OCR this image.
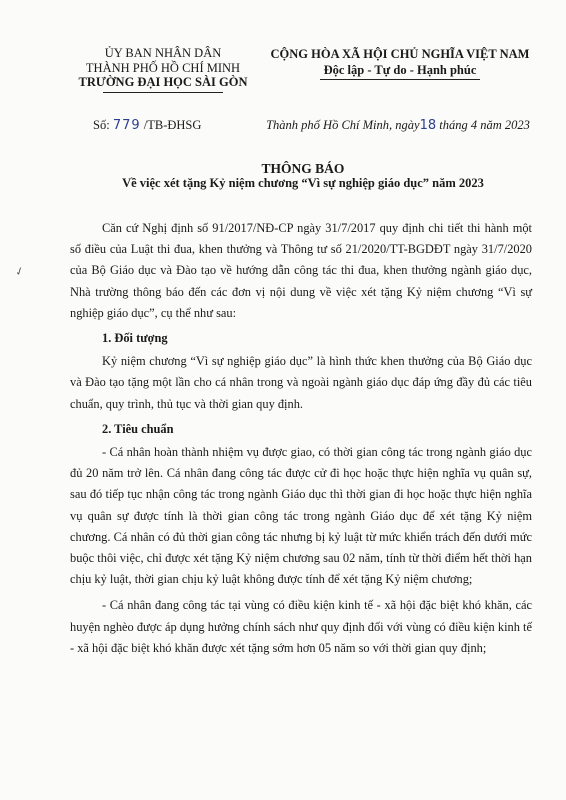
ỦY BAN NHÂN DÂN
THÀNH PHỐ HỒ CHÍ MINH
TRƯỜNG ĐẠI HỌC SÀI GÒN
CỘNG HÒA XÃ HỘI CHỦ NGHĨA VIỆT NAM
Độc lập - Tự do - Hạnh phúc
Số: 779 /TB-ĐHSG	Thành phố Hồ Chí Minh, ngày18 tháng 4 năm 2023
THÔNG BÁO
Về việc xét tặng Kỷ niệm chương “Vì sự nghiệp giáo dục” năm 2023
✓

Căn cứ Nghị định số 91/2017/NĐ-CP ngày 31/7/2017 quy định chi tiết thi hành một số điều của Luật thi đua, khen thưởng và Thông tư số 21/2020/TT-BGDĐT ngày 31/7/2020 của Bộ Giáo dục và Đào tạo về hướng dẫn công tác thi đua, khen thưởng ngành giáo dục, Nhà trường thông báo đến các đơn vị nội dung về việc xét tặng Kỷ niệm chương “Vì sự nghiệp giáo dục”, cụ thể như sau:

1. Đối tượng

Kỷ niệm chương “Vì sự nghiệp giáo dục” là hình thức khen thưởng của Bộ Giáo dục và Đào tạo tặng một lần cho cá nhân trong và ngoài ngành giáo dục đáp ứng đầy đủ các tiêu chuẩn, quy trình, thủ tục và thời gian quy định.

2. Tiêu chuẩn

- Cá nhân hoàn thành nhiệm vụ được giao, có thời gian công tác trong ngành giáo dục đủ 20 năm trở lên. Cá nhân đang công tác được cử đi học hoặc thực hiện nghĩa vụ quân sự, sau đó tiếp tục nhận công tác trong ngành Giáo dục thì thời gian đi học hoặc thực hiện nghĩa vụ quân sự được tính là thời gian công tác trong ngành Giáo dục để xét tặng Kỷ niệm chương. Cá nhân có đủ thời gian công tác nhưng bị kỷ luật từ mức khiển trách đến dưới mức buộc thôi việc, chỉ được xét tặng Kỷ niệm chương sau 02 năm, tính từ thời điểm hết thời hạn chịu kỷ luật, thời gian chịu kỷ luật không được tính để xét tặng Kỷ niệm chương;

- Cá nhân đang công tác tại vùng có điều kiện kinh tế - xã hội đặc biệt khó khăn, các huyện nghèo được áp dụng hưởng chính sách như quy định đối với vùng có điều kiện kinh tế - xã hội đặc biệt khó khăn được xét tặng sớm hơn 05 năm so với thời gian quy định;
